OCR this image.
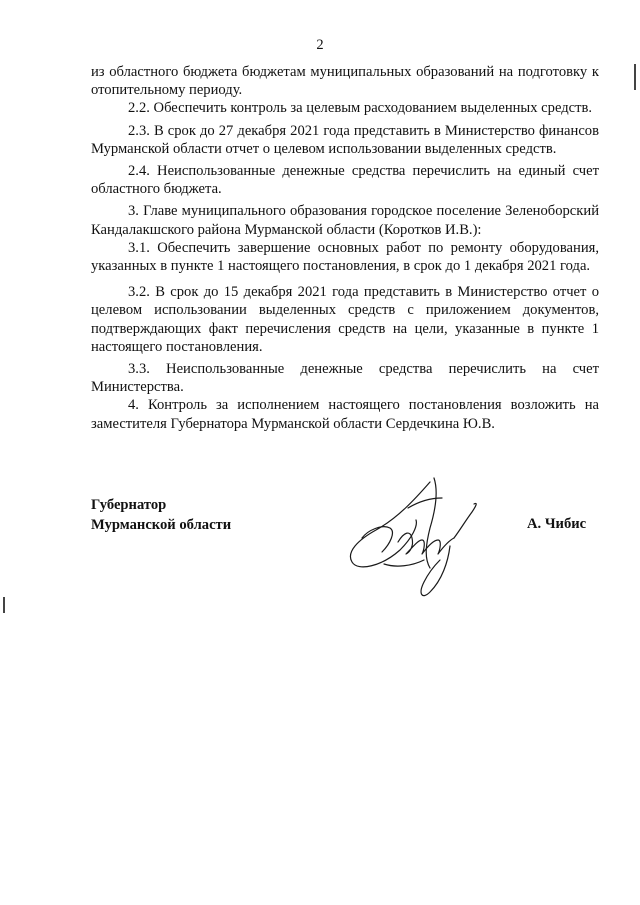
2

из областного бюджета бюджетам муниципальных образований на подготовку к отопительному периоду.

2.2. Обеспечить контроль за целевым расходованием выделенных средств.

2.3. В срок до 27 декабря 2021 года представить в Министерство финансов Мурманской области отчет о целевом использовании выделенных средств.

2.4. Неиспользованные денежные средства перечислить на единый счет областного бюджета.

3. Главе муниципального образования городское поселение Зеленоборский Кандалакшского района Мурманской области (Коротков И.В.):

3.1. Обеспечить завершение основных работ по ремонту оборудования, указанных в пункте 1 настоящего постановления, в срок до 1 декабря 2021 года.

3.2. В срок до 15 декабря 2021 года представить в Министерство отчет о целевом использовании выделенных средств с приложением документов, подтверждающих факт перечисления средств на цели, указанные в пункте 1 настоящего постановления.

3.3. Неиспользованные денежные средства перечислить на счет Министерства.

4. Контроль за исполнением настоящего постановления возложить на заместителя Губернатора Мурманской области Сердечкина Ю.В.

Губернатор
Мурманской области	А. Чибис
